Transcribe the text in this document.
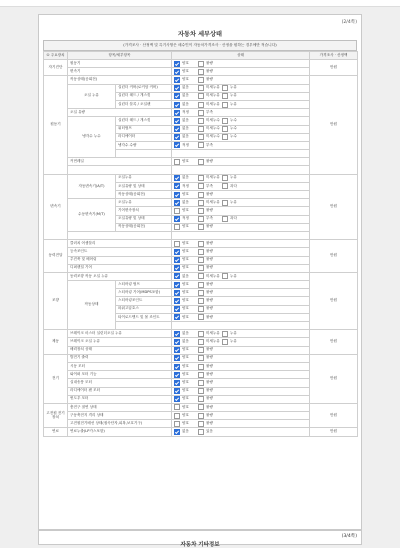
(2/4쪽)
자동차 세부상태
(가격조사 · 산정액 및 특기사항은 매수인이 자동차가격조사 · 산정을 원하는 경우에만 적습니다)
① 주요장치	항목/세부항목		상태	가격조사 · 산정액
자기진단	원동기		양호 불량	만원
	변속기		양호 불량	
원동기	작동상태(공회전)		양호 불량	만원
	오일 누유	실린더 커버(로커암 커버)	없음 미세누유 누유	
		실린더 헤드 / 개스킷	없음 미세누유 누유	
		실린더 블록 / 오일팬	없음 미세누유 누유	
	오일 유량		적정 부족	
	냉각수 누수	실린더 헤드 / 개스킷	없음 미세누수 누수	
		워터펌프	없음 미세누수 누수	
		라디에이터	없음 미세누수 누수	
		냉각수 수량	적정 부족	

	커먼레일		양호 불량	

변속기	자동변속기(A/T)	오일누유	없음 미세누유 누유	만원
		오일유량 및 상태	적정 부족 과다	
		작동상태(공회전)	양호 불량	
	수동변속기(M/T)	오일누유	없음 미세누유 누유	
		기어변속장치	양호 불량	
		오일유량 및 상태	적정 부족 과다	
		작동상태(공회전)	양호 불량	

동력전달	클러치 어셈블리		양호 불량	만원
	등속조인트		양호 불량	
	추진축 및 베어링		양호 불량	
	디퍼렌셜 기어		양호 불량	
조향	동력조향 작동 오일 누유		없음 미세누유 누유	만원
	작동상태	스티어링 펌프	양호 불량	
		스티어링 기어(MDPS포함)	양호 불량	
		스티어링조인트	양호 불량	
		파워고압호스	양호 불량	
		타이로드엔드 및 볼 조인트	양호 불량	

제동	브레이크 마스터 실린더오일 누유		없음 미세누유 누유	만원
	브레이크 오일 누유		없음 미세누유 누유	
	배력장치 상태		양호 불량	
전기	발전기 출력		양호 불량	만원
	시동 모터		양호 불량	
	와이퍼 모터 기능		양호 불량	
	실내송풍 모터		양호 불량	
	라디에이터 팬 모터		양호 불량	
	윈도우 모터		양호 불량	
고전원 전기장치	충전구 절연 상태		양호 불량	만원
	구동축전지 격리 상태		양호 불량	
	고전원전기배선 상태(접속단자,피복,보호기구)		양호 불량	
연료	연료누출(LP가스포함)		없음 있음	만원
(3/4쪽)
자동차 기타정보
